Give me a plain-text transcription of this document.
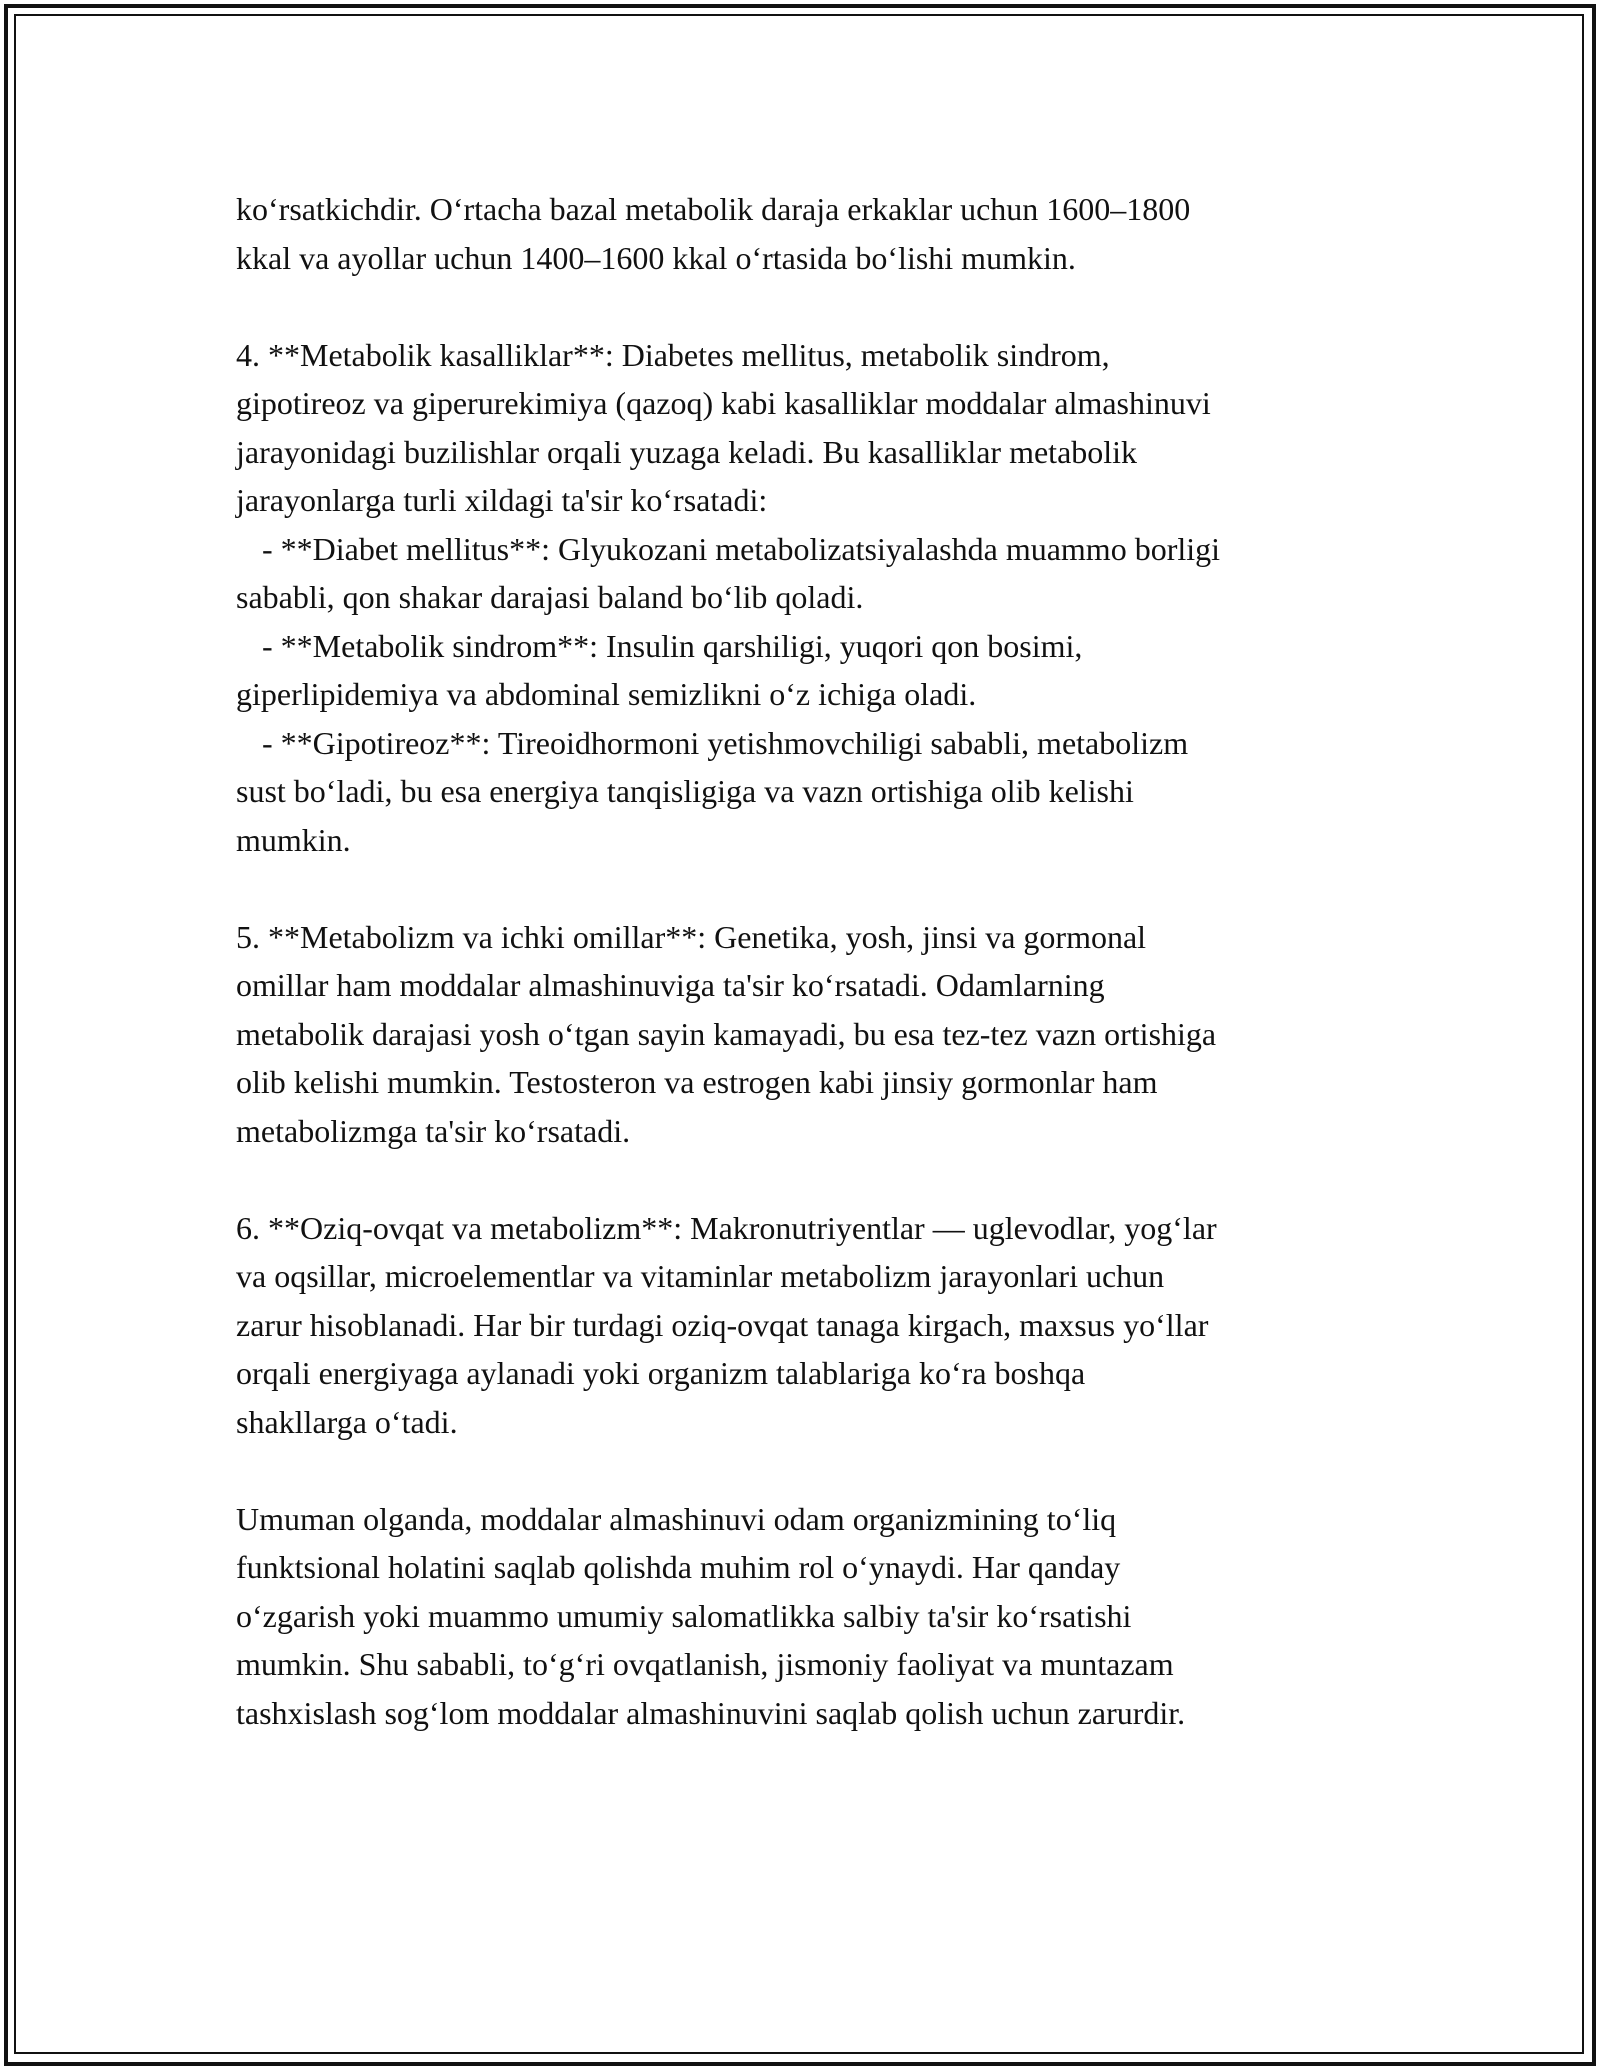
ko‘rsatkichdir. O‘rtacha bazal metabolik daraja erkaklar uchun 1600–1800
kkal va ayollar uchun 1400–1600 kkal o‘rtasida bo‘lishi mumkin.

4. **Metabolik kasalliklar**: Diabetes mellitus, metabolik sindrom,
gipotireoz va giperurekimiya (qazoq) kabi kasalliklar moddalar almashinuvi
jarayonidagi buzilishlar orqali yuzaga keladi. Bu kasalliklar metabolik
jarayonlarga turli xildagi ta'sir ko‘rsatadi:
- **Diabet mellitus**: Glyukozani metabolizatsiyalashda muammo borligi
sababli, qon shakar darajasi baland bo‘lib qoladi.
- **Metabolik sindrom**: Insulin qarshiligi, yuqori qon bosimi,
giperlipidemiya va abdominal semizlikni o‘z ichiga oladi.
- **Gipotireoz**: Tireoidhormoni yetishmovchiligi sababli, metabolizm
sust bo‘ladi, bu esa energiya tanqisligiga va vazn ortishiga olib kelishi
mumkin.

5. **Metabolizm va ichki omillar**: Genetika, yosh, jinsi va gormonal
omillar ham moddalar almashinuviga ta'sir ko‘rsatadi. Odamlarning
metabolik darajasi yosh o‘tgan sayin kamayadi, bu esa tez-tez vazn ortishiga
olib kelishi mumkin. Testosteron va estrogen kabi jinsiy gormonlar ham
metabolizmga ta'sir ko‘rsatadi.

6. **Oziq-ovqat va metabolizm**: Makronutriyentlar — uglevodlar, yog‘lar
va oqsillar, microelementlar va vitaminlar metabolizm jarayonlari uchun
zarur hisoblanadi. Har bir turdagi oziq-ovqat tanaga kirgach, maxsus yo‘llar
orqali energiyaga aylanadi yoki organizm talablariga ko‘ra boshqa
shakllarga o‘tadi.

Umuman olganda, moddalar almashinuvi odam organizmining to‘liq
funktsional holatini saqlab qolishda muhim rol o‘ynaydi. Har qanday
o‘zgarish yoki muammo umumiy salomatlikka salbiy ta'sir ko‘rsatishi
mumkin. Shu sababli, to‘g‘ri ovqatlanish, jismoniy faoliyat va muntazam
tashxislash sog‘lom moddalar almashinuvini saqlab qolish uchun zarurdir.
